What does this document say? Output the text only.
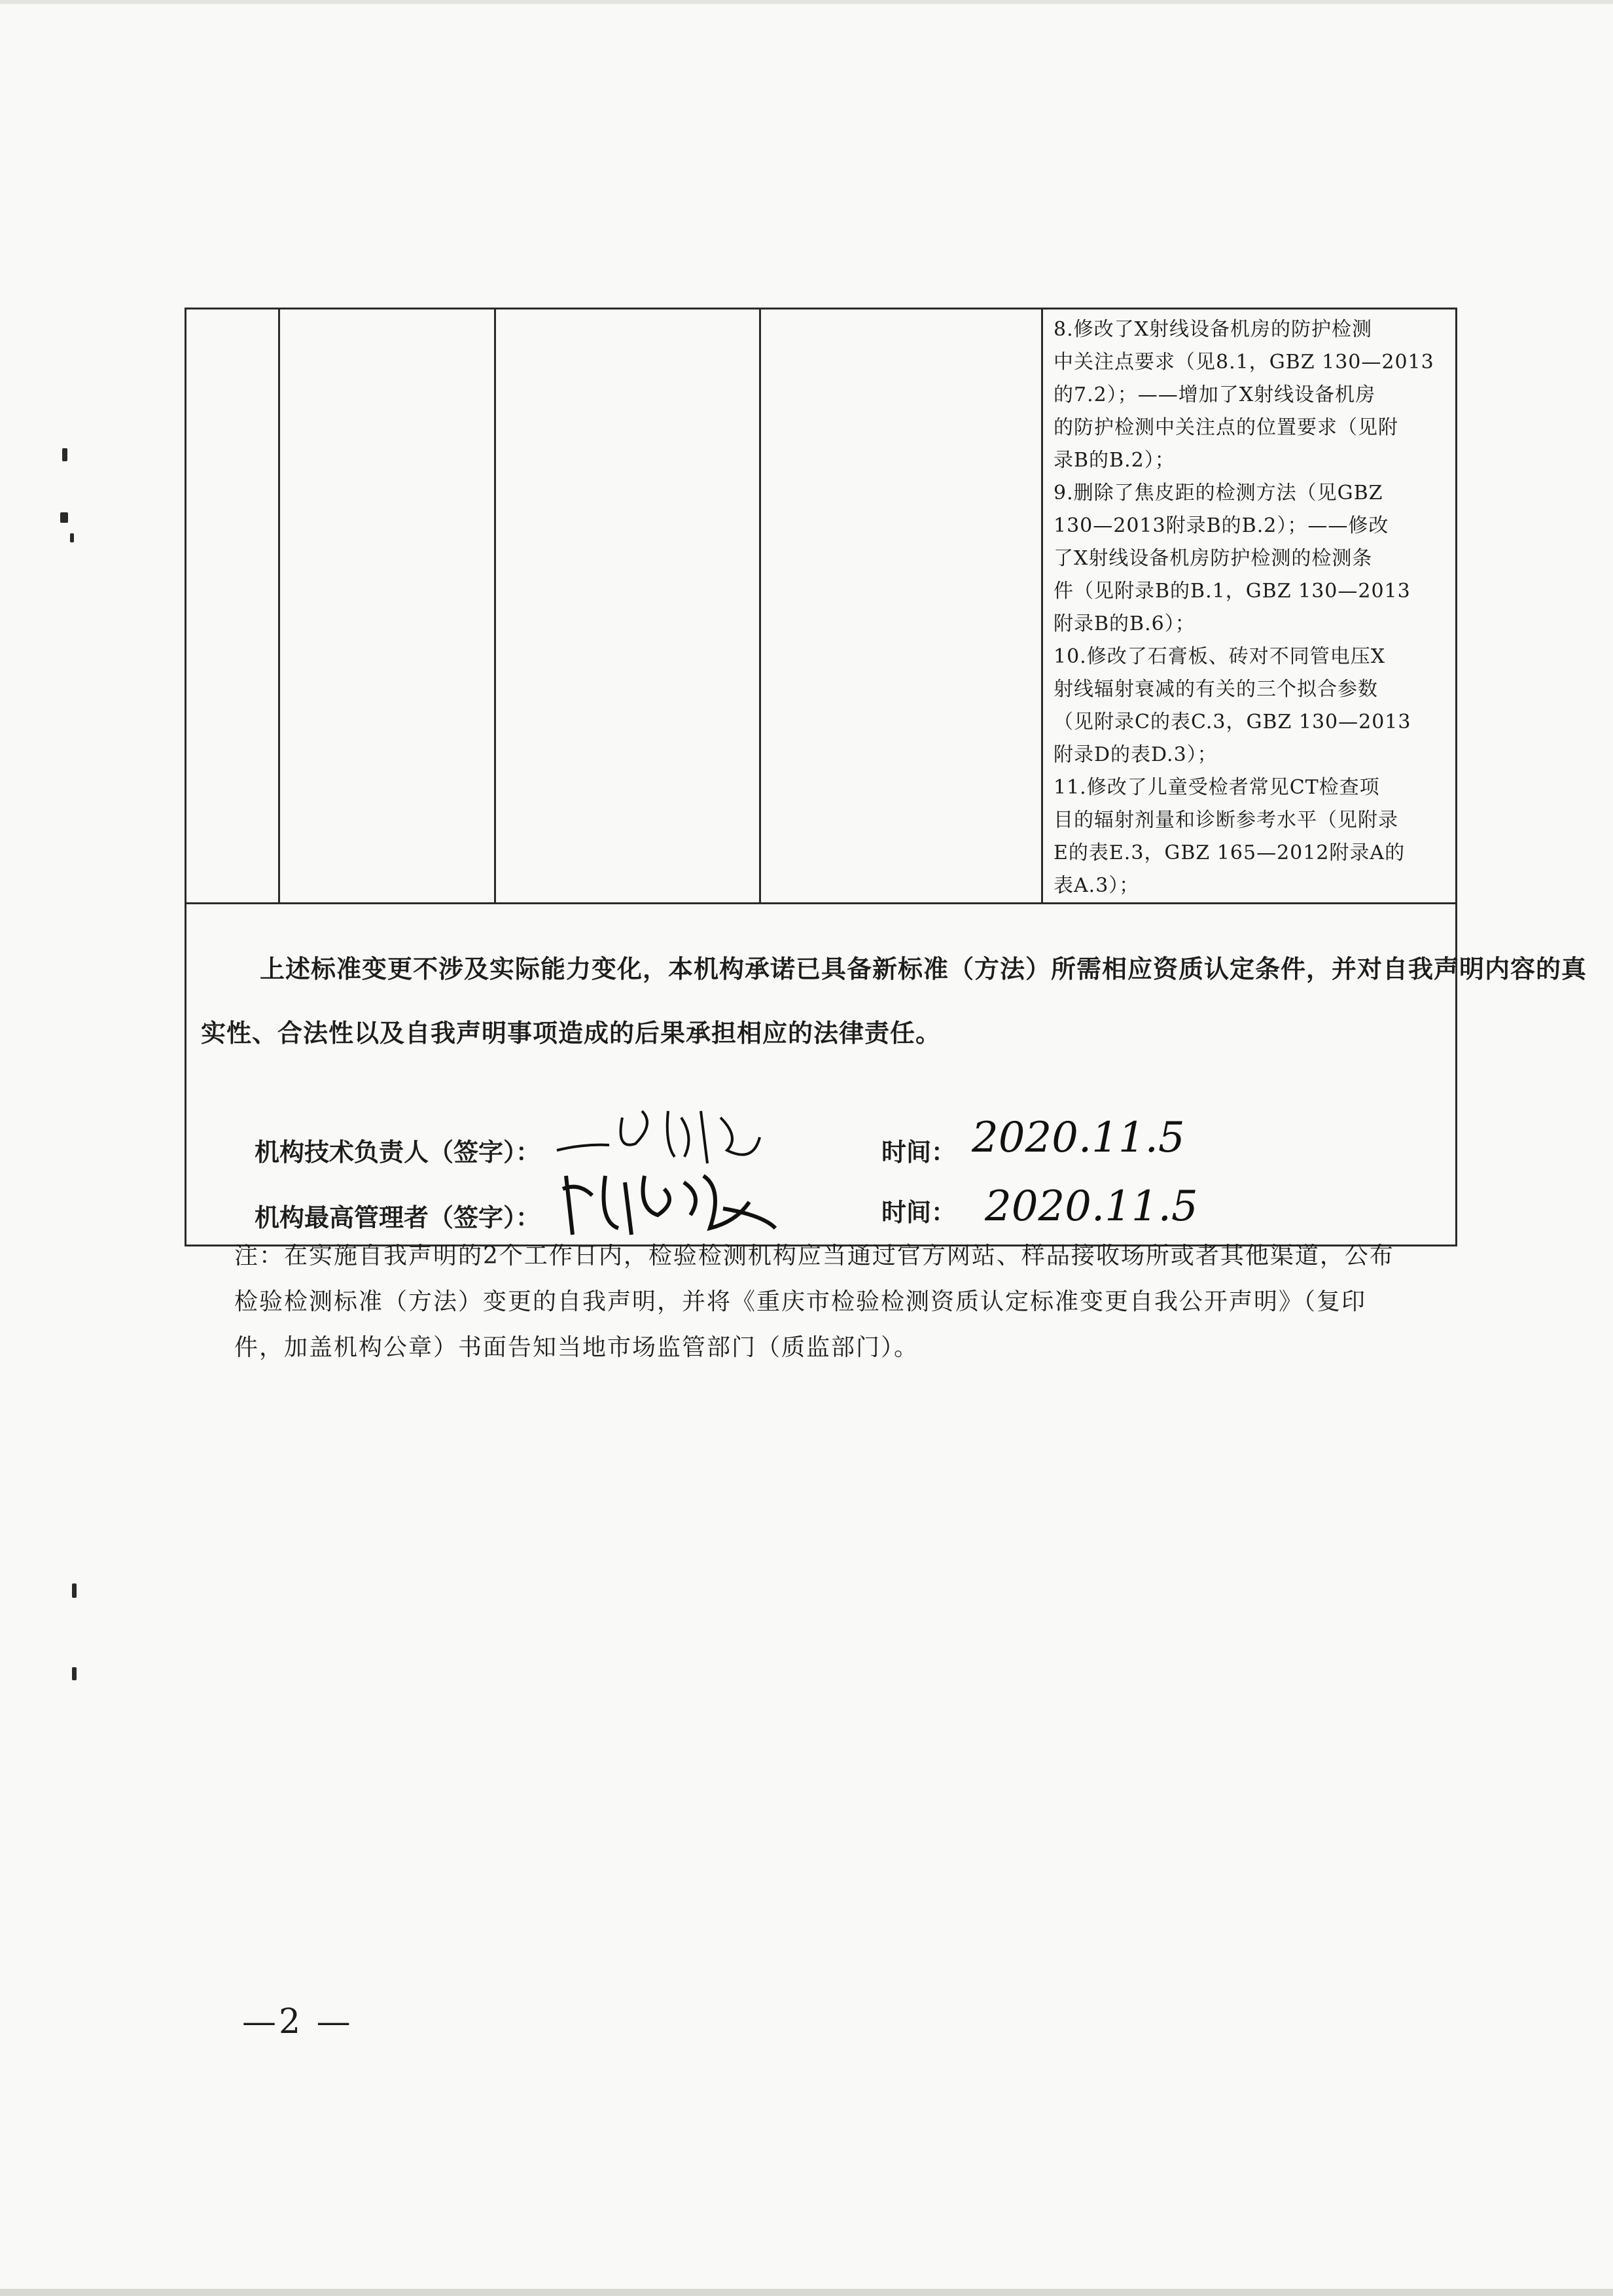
8.修改了X射线设备机房的防护检测
中关注点要求（见8.1，GBZ 130—2013
的7.2）；——增加了X射线设备机房
的防护检测中关注点的位置要求（见附
录B的B.2）；
9.删除了焦皮距的检测方法（见GBZ
130—2013附录B的B.2）；——修改
了X射线设备机房防护检测的检测条
件（见附录B的B.1，GBZ 130—2013
附录B的B.6）；
10.修改了石膏板、砖对不同管电压X
射线辐射衰减的有关的三个拟合参数
（见附录C的表C.3，GBZ 130—2013
附录D的表D.3）；
11.修改了儿童受检者常见CT检查项
目的辐射剂量和诊断参考水平（见附录
E的表E.3，GBZ 165—2012附录A的
表A.3）；

上述标准变更不涉及实际能力变化，本机构承诺已具备新标准（方法）所需相应资质认定条件，并对自我声明内容的真实性、合法性以及自我声明事项造成的后果承担相应的法律责任。

机构技术负责人（签字）：	时间： 2020.11.5
机构最高管理者（签字）：	时间： 2020.11.5

注：在实施自我声明的2个工作日内，检验检测机构应当通过官方网站、样品接收场所或者其他渠道，公布检验检测标准（方法）变更的自我声明，并将《重庆市检验检测资质认定标准变更自我公开声明》（复印件，加盖机构公章）书面告知当地市场监管部门（质监部门）。

—2 —
